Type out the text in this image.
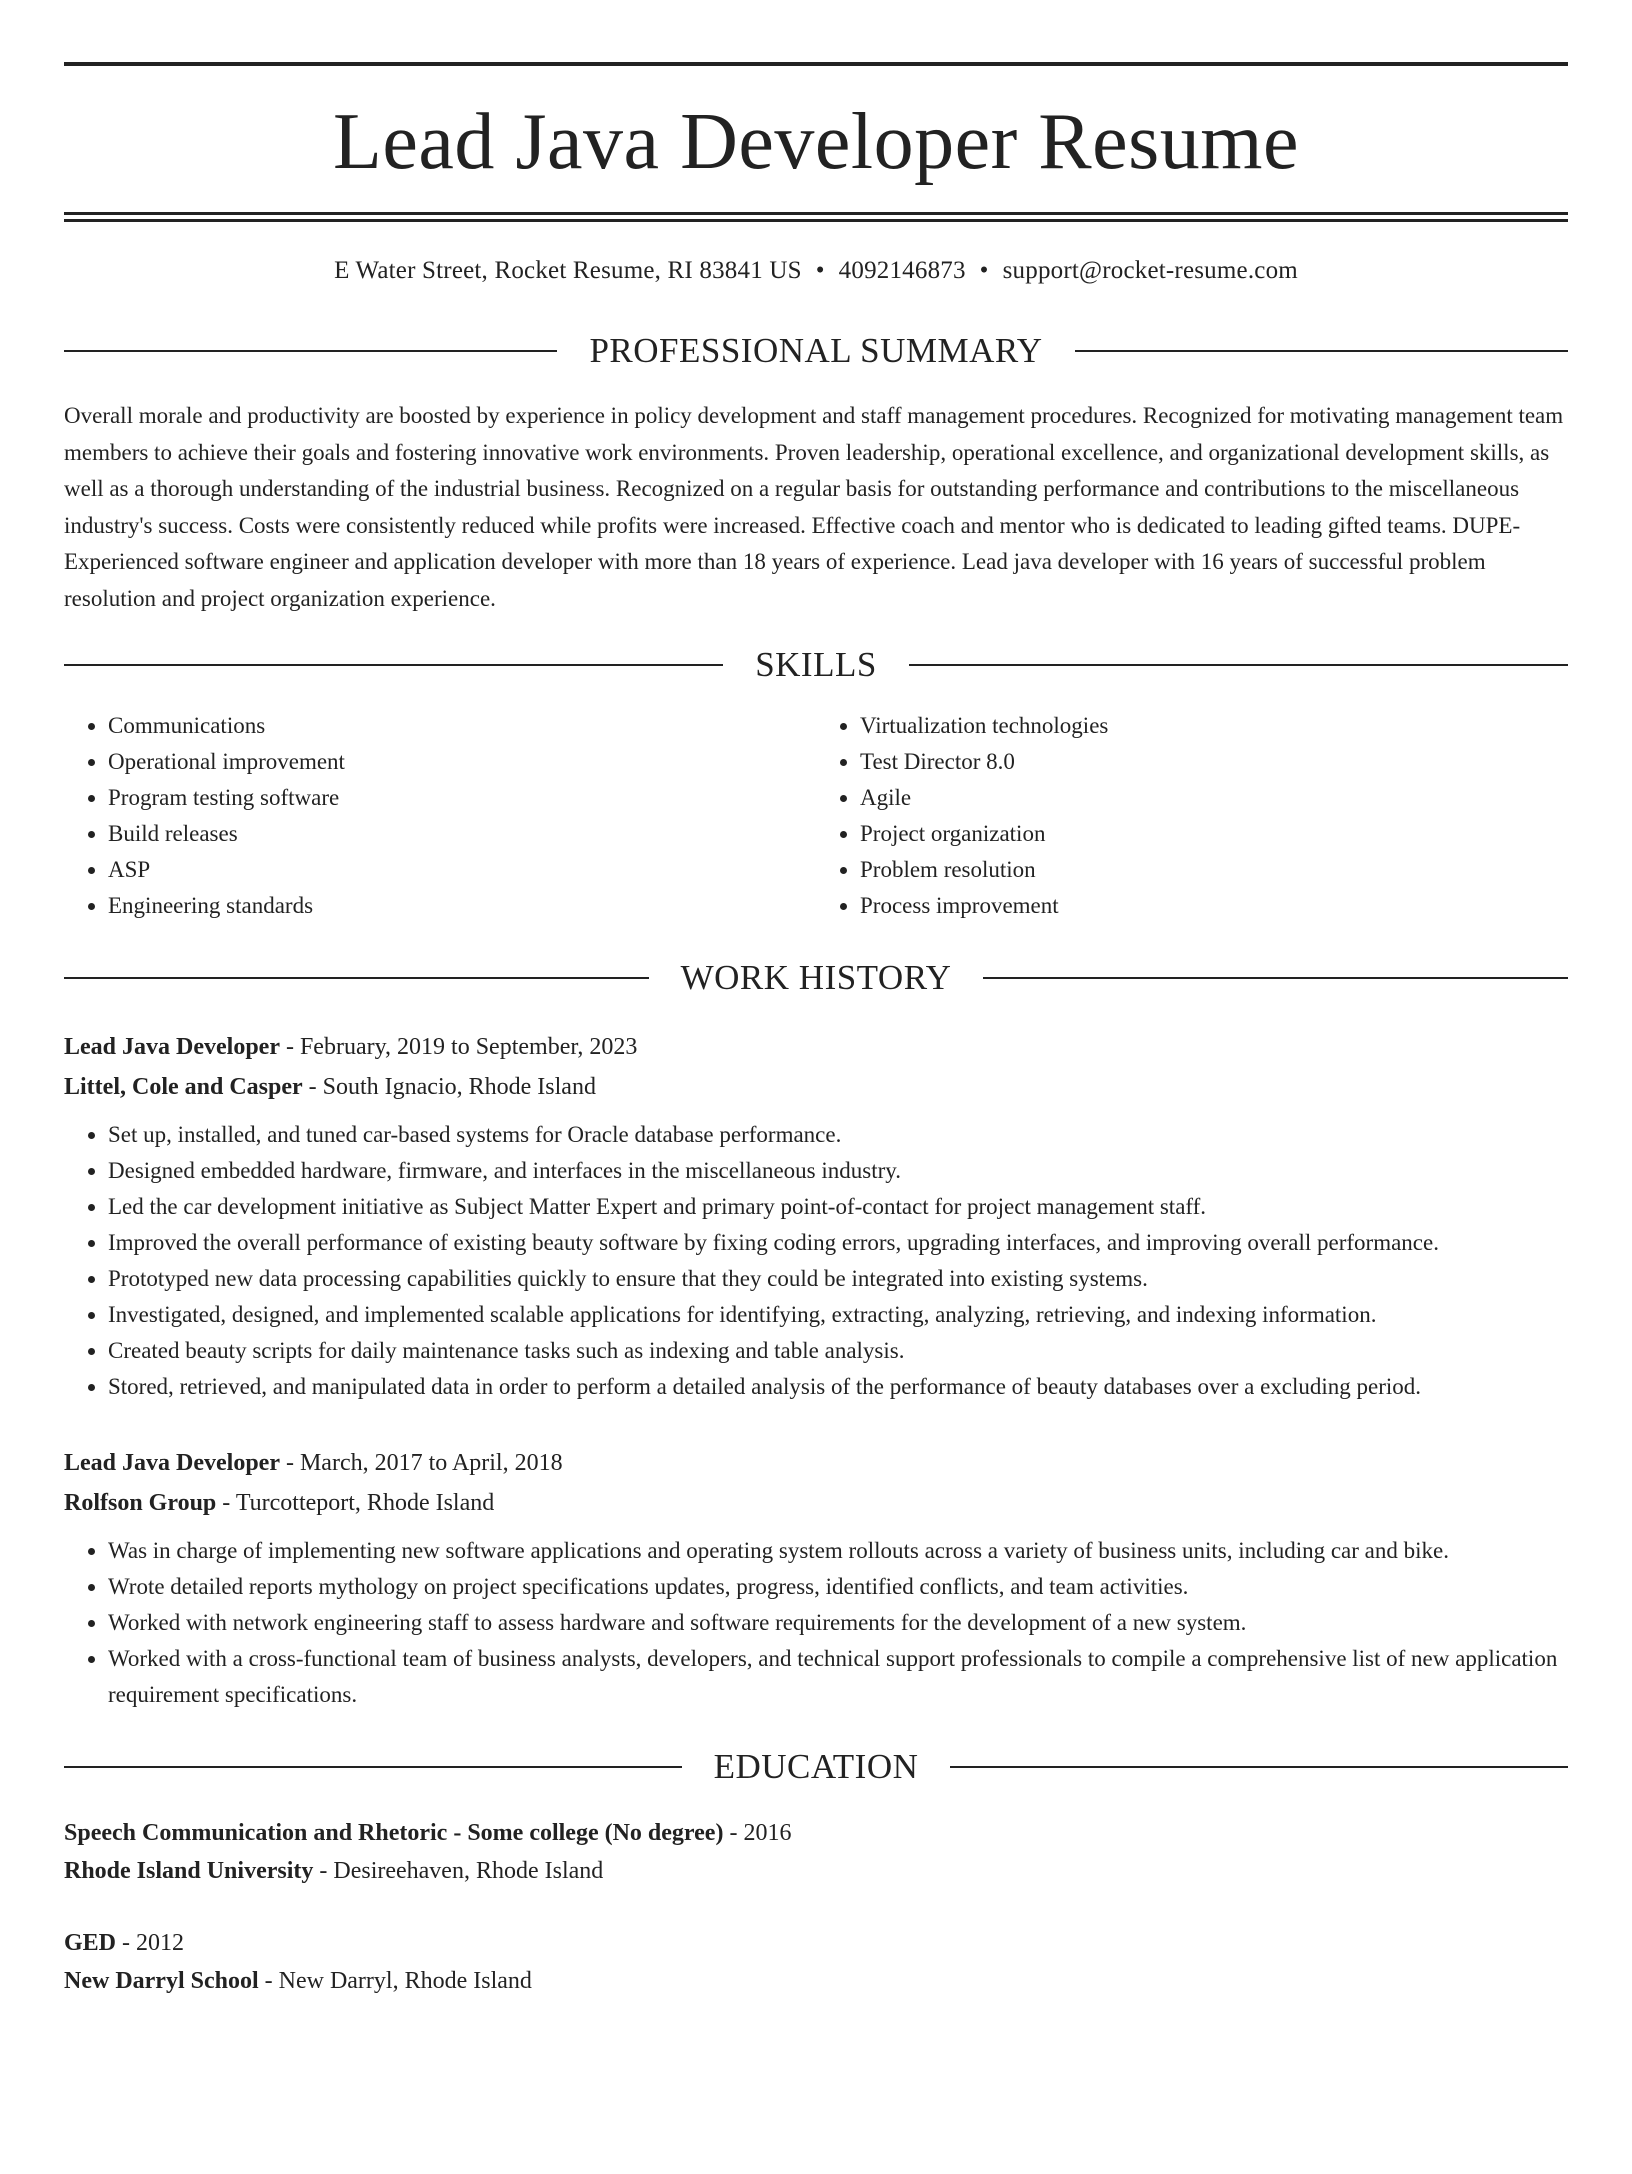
Lead Java Developer Resume
E Water Street, Rocket Resume, RI 83841 US • 4092146873 • support@rocket-resume.com
PROFESSIONAL SUMMARY

Overall morale and productivity are boosted by experience in policy development and staff management procedures. Recognized for motivating management team members to achieve their goals and fostering innovative work environments. Proven leadership, operational excellence, and organizational development skills, as well as a thorough understanding of the industrial business. Recognized on a regular basis for outstanding performance and contributions to the miscellaneous industry's success. Costs were consistently reduced while profits were increased. Effective coach and mentor who is dedicated to leading gifted teams. DUPE- Experienced software engineer and application developer with more than 18 years of experience. Lead java developer with 16 years of successful problem resolution and project organization experience.

SKILLS
• Communications
• Operational improvement
• Program testing software
• Build releases
• ASP
• Engineering standards
• Virtualization technologies
• Test Director 8.0
• Agile
• Project organization
• Problem resolution
• Process improvement
WORK HISTORY
Lead Java Developer - February, 2019 to September, 2023
Littel, Cole and Casper - South Ignacio, Rhode Island
• Set up, installed, and tuned car-based systems for Oracle database performance.
• Designed embedded hardware, firmware, and interfaces in the miscellaneous industry.
• Led the car development initiative as Subject Matter Expert and primary point-of-contact for project management staff.
• Improved the overall performance of existing beauty software by fixing coding errors, upgrading interfaces, and improving overall performance.
• Prototyped new data processing capabilities quickly to ensure that they could be integrated into existing systems.
• Investigated, designed, and implemented scalable applications for identifying, extracting, analyzing, retrieving, and indexing information.
• Created beauty scripts for daily maintenance tasks such as indexing and table analysis.
• Stored, retrieved, and manipulated data in order to perform a detailed analysis of the performance of beauty databases over a excluding period.
Lead Java Developer - March, 2017 to April, 2018
Rolfson Group - Turcotteport, Rhode Island
• Was in charge of implementing new software applications and operating system rollouts across a variety of business units, including car and bike.
• Wrote detailed reports mythology on project specifications updates, progress, identified conflicts, and team activities.
• Worked with network engineering staff to assess hardware and software requirements for the development of a new system.
• Worked with a cross-functional team of business analysts, developers, and technical support professionals to compile a comprehensive list of new application requirement specifications.
EDUCATION
Speech Communication and Rhetoric - Some college (No degree) - 2016
Rhode Island University - Desireehaven, Rhode Island
GED - 2012
New Darryl School - New Darryl, Rhode Island
